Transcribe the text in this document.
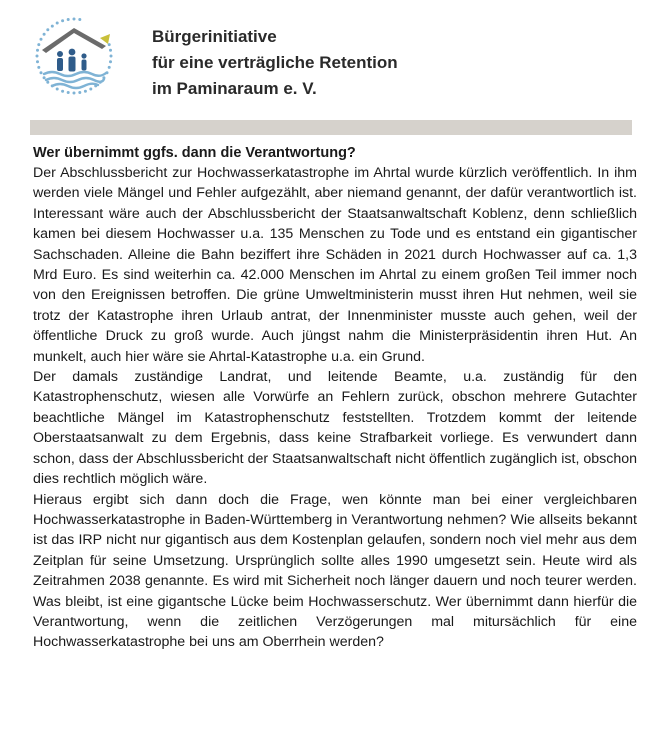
Bürgerinitiative
für eine verträgliche Retention
im Paminaraum e. V.
Wer übernimmt ggfs. dann die Verantwortung?

Der Abschlussbericht zur Hochwasserkatastrophe im Ahrtal wurde kürzlich veröffentlich. In ihm werden viele Mängel und Fehler aufgezählt, aber niemand genannt, der dafür verantwortlich ist. Interessant wäre auch der Abschlussbericht der Staatsanwaltschaft Koblenz, denn schließlich kamen bei diesem Hochwasser u.a. 135 Menschen zu Tode und es entstand ein gigantischer Sachschaden. Alleine die Bahn beziffert ihre Schäden in 2021 durch Hochwasser auf ca. 1,3 Mrd Euro. Es sind weiterhin ca. 42.000 Menschen im Ahrtal zu einem großen Teil immer noch von den Ereignissen betroffen. Die grüne Umweltministerin musst ihren Hut nehmen, weil sie trotz der Katastrophe ihren Urlaub antrat, der Innenminister musste auch gehen, weil der öffentliche Druck zu groß wurde. Auch jüngst nahm die Ministerpräsidentin ihren Hut. An munkelt, auch hier wäre sie Ahrtal-Katastrophe u.a. ein Grund.

Der damals zuständige Landrat, und leitende Beamte, u.a. zuständig für den Katastrophenschutz, wiesen alle Vorwürfe an Fehlern zurück, obschon mehrere Gutachter beachtliche Mängel im Katastrophenschutz feststellten. Trotzdem kommt der leitende Oberstaatsanwalt zu dem Ergebnis, dass keine Strafbarkeit vorliege. Es verwundert dann schon, dass der Abschlussbericht der Staatsanwaltschaft nicht öffentlich zugänglich ist, obschon dies rechtlich möglich wäre.

Hieraus ergibt sich dann doch die Frage, wen könnte man bei einer vergleichbaren Hochwasserkatastrophe in Baden-Württemberg in Verantwortung nehmen? Wie allseits bekannt ist das IRP nicht nur gigantisch aus dem Kostenplan gelaufen, sondern noch viel mehr aus dem Zeitplan für seine Umsetzung. Ursprünglich sollte alles 1990 umgesetzt sein. Heute wird als Zeitrahmen 2038 genannte. Es wird mit Sicherheit noch länger dauern und noch teurer werden. Was bleibt, ist eine gigantsche Lücke beim Hochwasserschutz. Wer übernimmt dann hierfür die Verantwortung, wenn die zeitlichen Verzögerungen mal mitursächlich für eine Hochwasserkatastrophe bei uns am Oberrhein werden?
